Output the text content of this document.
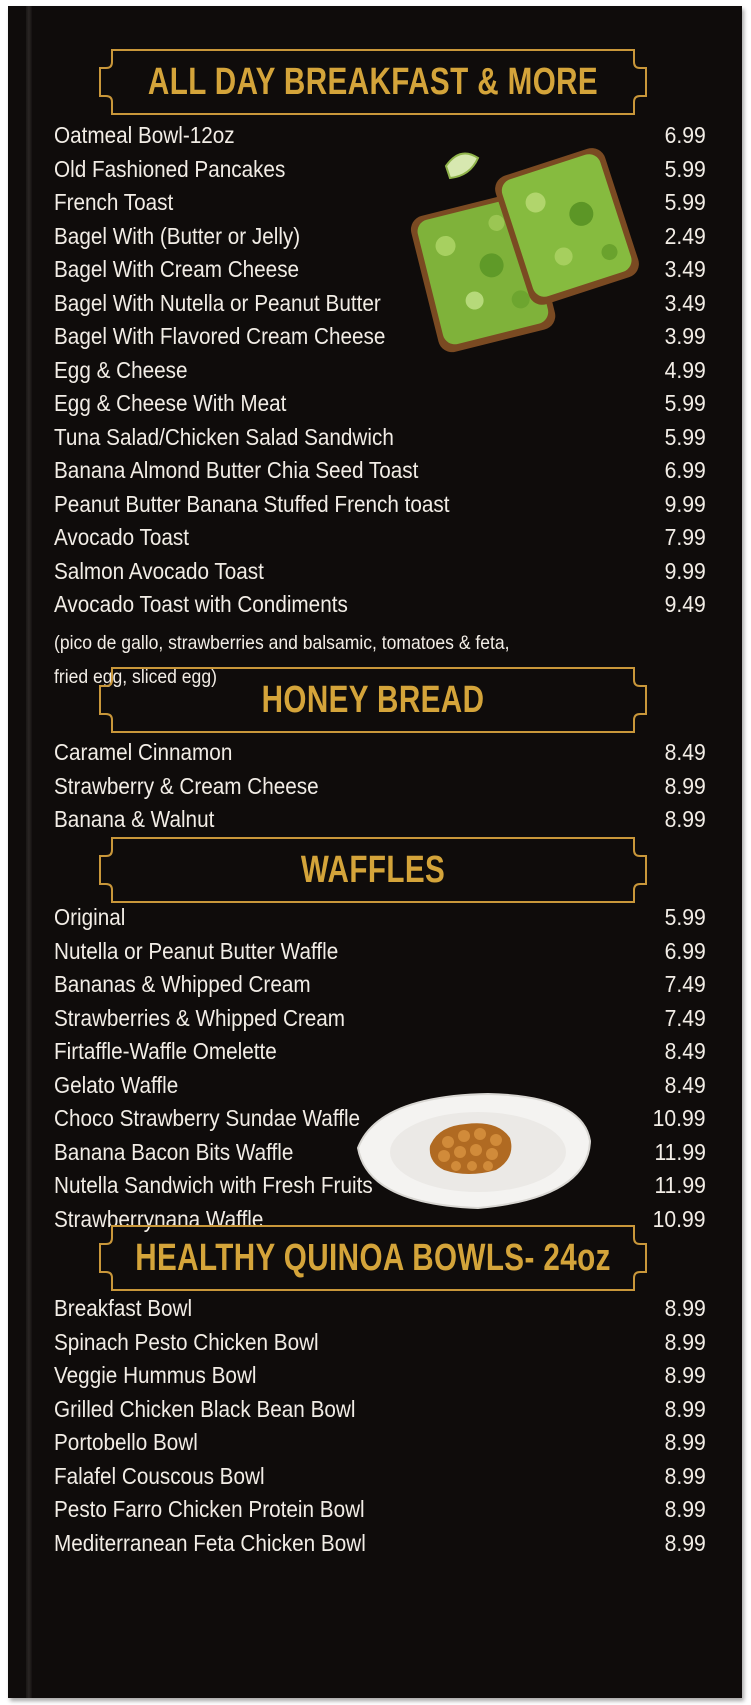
ALL DAY BREAKFAST & MORE
Oatmeal Bowl-12oz	6.99
Old Fashioned Pancakes	5.99
French Toast	5.99
Bagel With (Butter or Jelly)	2.49
Bagel With Cream Cheese	3.49
Bagel With Nutella or Peanut Butter	3.49
Bagel With Flavored Cream Cheese	3.99
Egg & Cheese	4.99
Egg & Cheese With Meat	5.99
Tuna Salad/Chicken Salad Sandwich	5.99
Banana Almond Butter Chia Seed Toast	6.99
Peanut Butter Banana Stuffed French toast	9.99
Avocado Toast	7.99
Salmon Avocado Toast	9.99
Avocado Toast with Condiments	9.49
(pico de gallo, strawberries and balsamic, tomatoes & feta,
fried egg, sliced egg)
HONEY BREAD
Caramel Cinnamon	8.49
Strawberry & Cream Cheese	8.99
Banana & Walnut	8.99
WAFFLES
Original	5.99
Nutella or Peanut Butter Waffle	6.99
Bananas & Whipped Cream	7.49
Strawberries & Whipped Cream	7.49
Firtaffle-Waffle Omelette	8.49
Gelato Waffle	8.49
Choco Strawberry Sundae Waffle	10.99
Banana Bacon Bits Waffle	11.99
Nutella Sandwich with Fresh Fruits	11.99
Strawberrynana Waffle	10.99
HEALTHY QUINOA BOWLS- 24oz
Breakfast Bowl	8.99
Spinach Pesto Chicken Bowl	8.99
Veggie Hummus Bowl	8.99
Grilled Chicken Black Bean Bowl	8.99
Portobello Bowl	8.99
Falafel Couscous Bowl	8.99
Pesto Farro Chicken Protein Bowl	8.99
Mediterranean Feta Chicken Bowl	8.99
